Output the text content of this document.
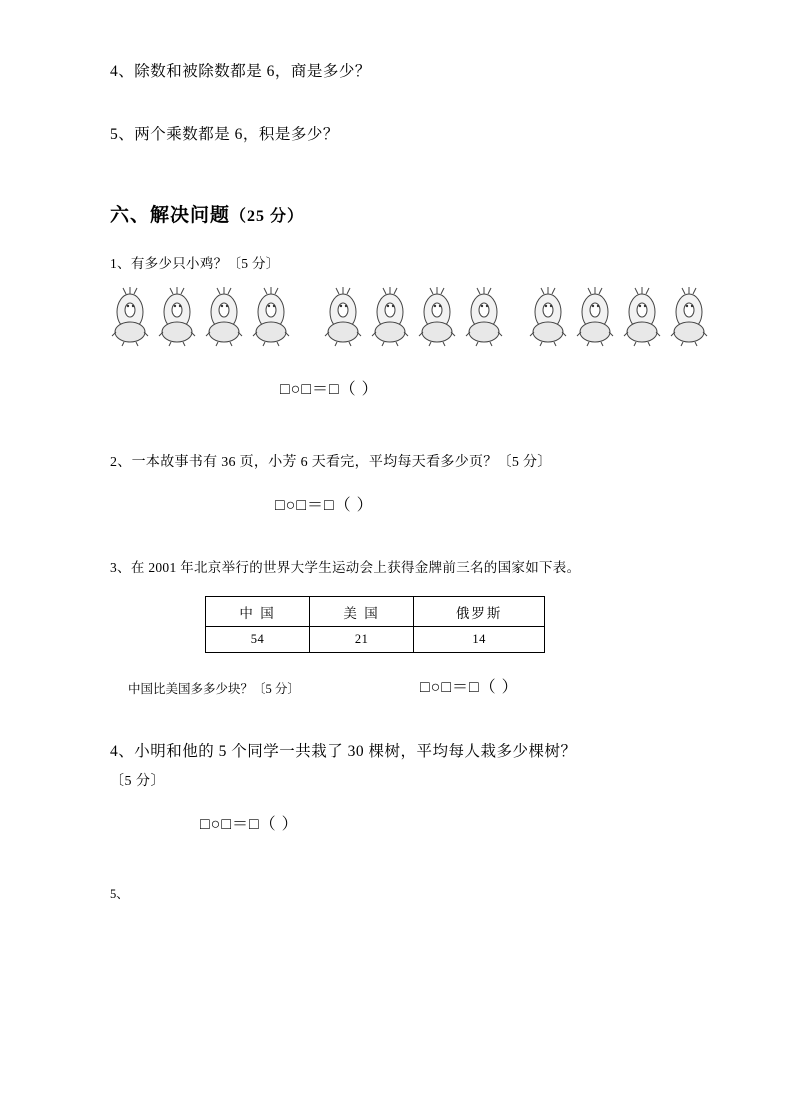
4、除数和被除数都是 6，商是多少？
5、两个乘数都是 6，积是多少？
六、解决问题（25 分）
1、有多少只小鸡？〔5 分〕
□○□＝□（ ）
2、一本故事书有 36 页，小芳 6 天看完，平均每天看多少页？〔5 分〕
□○□＝□（ ）
3、在 2001 年北京举行的世界大学生运动会上获得金牌前三名的国家如下表。
中 国	美 国	俄罗斯
54	21	14
中国比美国多多少块？〔5 分〕	□○□＝□（ ）
4、小明和他的 5 个同学一共栽了 30 棵树，平均每人栽多少棵树？
〔5 分〕
□○□＝□（ ）
5、
